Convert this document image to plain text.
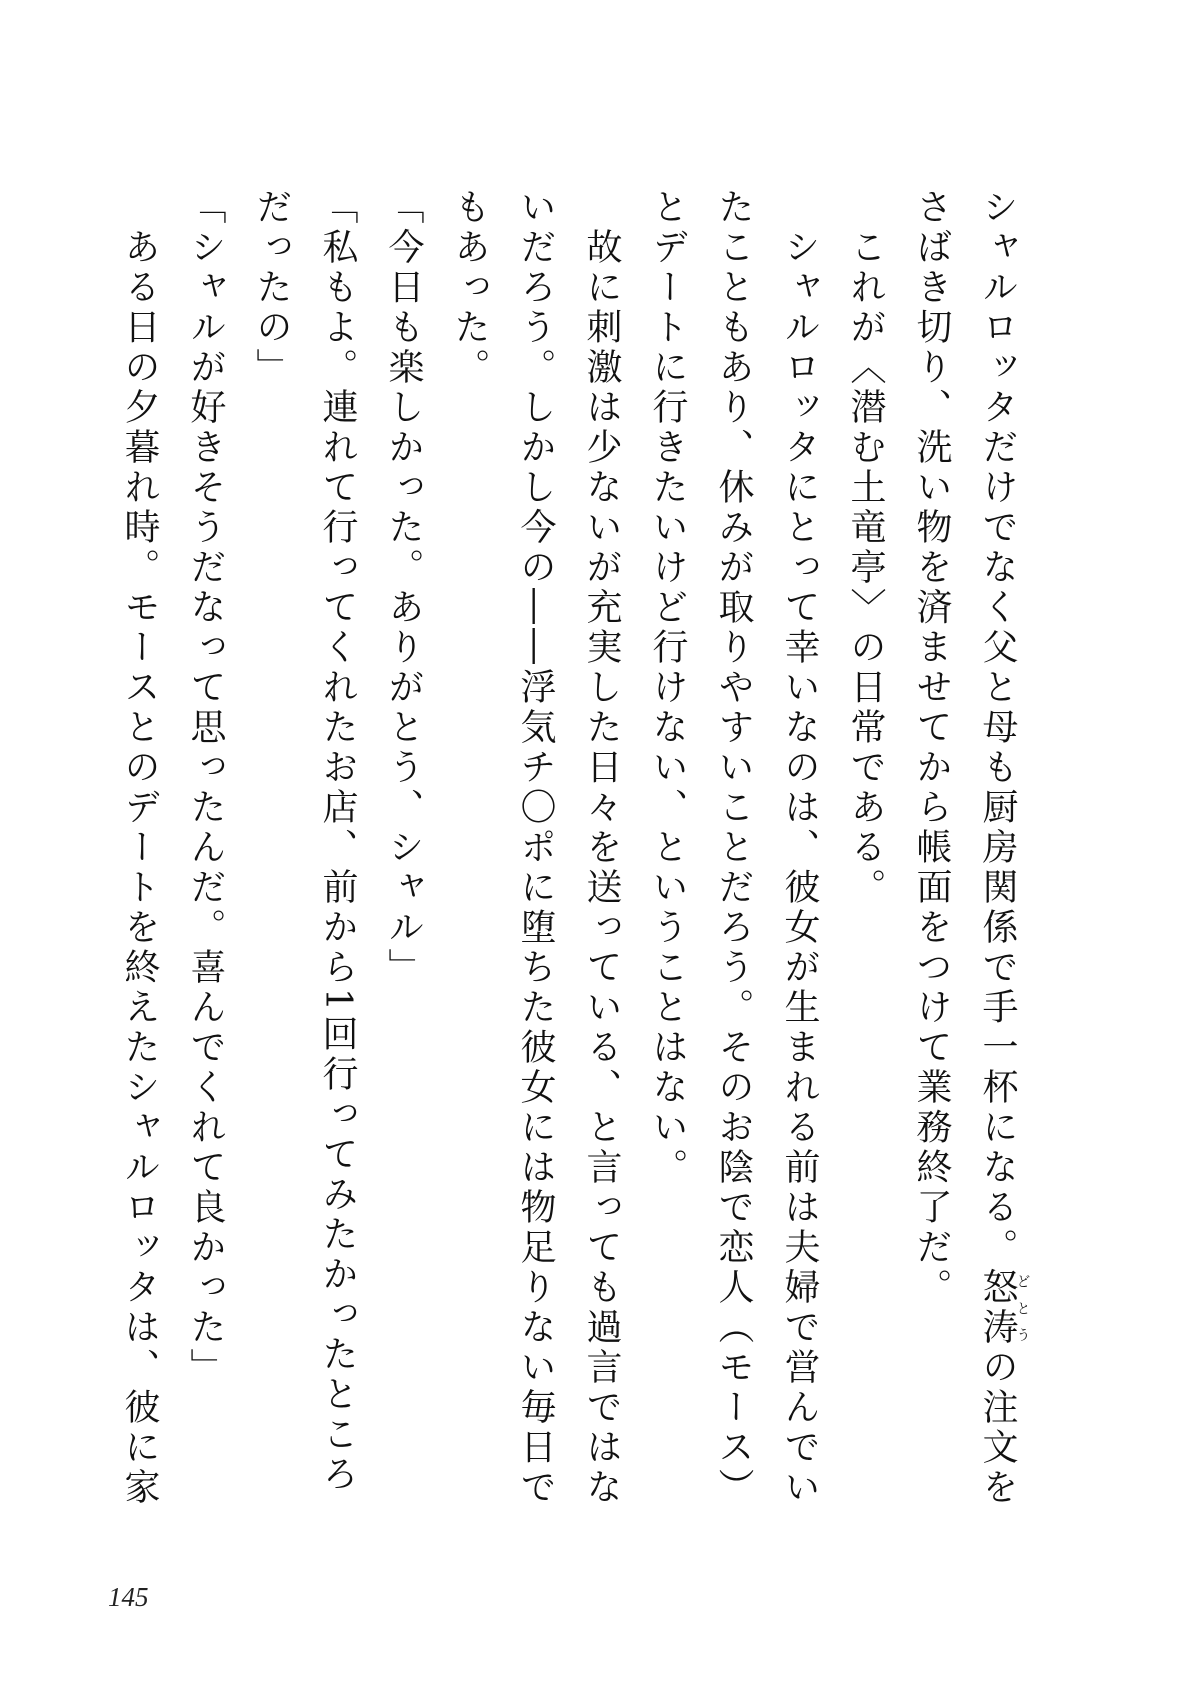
シャルロッタだけでなく父と母も厨房関係で手一杯になる。怒涛どとうの注文を
さばき切り、洗い物を済ませてから帳面をつけて業務終了だ。
　これが〈潜む土竜亭〉の日常である。
　シャルロッタにとって幸いなのは、彼女が生まれる前は夫婦で営んでい
たこともあり、休みが取りやすいことだろう。そのお陰で恋人（モース）
とデートに行きたいけど行けない、ということはない。
　故に刺激は少ないが充実した日々を送っている、と言っても過言ではな
いだろう。しかし今の――浮気チ〇ポに堕ちた彼女には物足りない毎日で
もあった。
「今日も楽しかった。ありがとう、シャル」
「私もよ。連れて行ってくれたお店、前から1回行ってみたかったところ
だったの」
「シャルが好きそうだなって思ったんだ。喜んでくれて良かった」
　ある日の夕暮れ時。モースとのデートを終えたシャルロッタは、彼に家
145
